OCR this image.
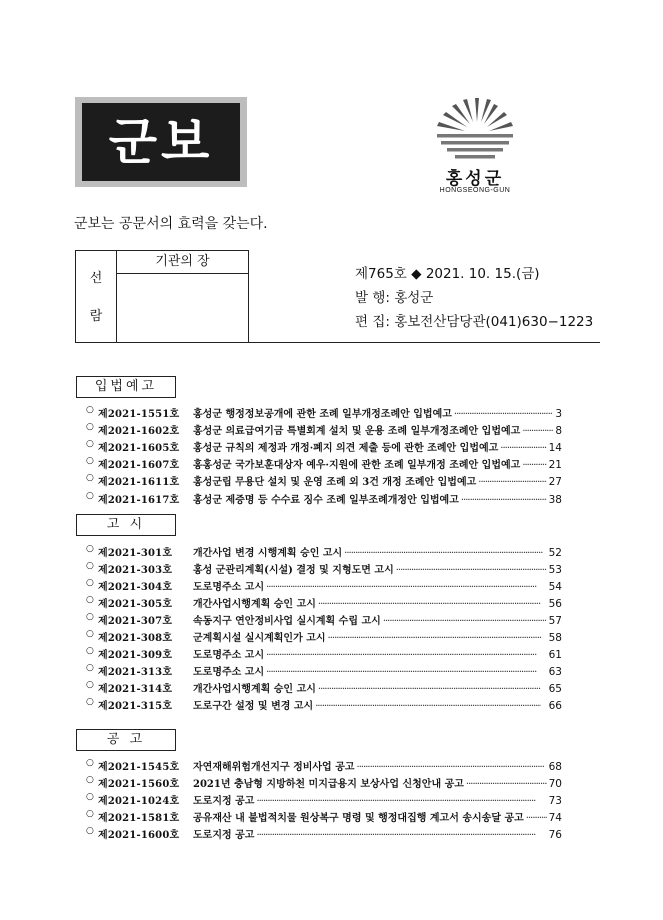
군보
홍성군
HONGSEONG-GUN
군보는 공문서의 효력을 갖는다.
선
람
기관의 장
제765호 ◆ 2021. 10. 15.(금)
발 행: 홍성군
편 집: 홍보전산담당관(041)630−1223
입법예고
○ 제2021-1551호 홍성군 행정정보공개에 관한 조례 일부개정조례안 입법예고 ·····	3
○ 제2021-1602호 홍성군 의료급여기금 특별회계 설치 및 운용 조례 일부개정조례안 입법예고 ·····	8
○ 제2021-1605호 홍성군 규칙의 제정과 개정·폐지 의견 제출 등에 관한 조례안 입법예고 ·····	14
○ 제2021-1607호 홍홍성군 국가보훈대상자 예우·지원에 관한 조례 일부개정 조례안 입법예고 ·····	21
○ 제2021-1611호 홍성군립 무용단 설치 및 운영 조례 외 3건 개정 조례안 입법예고 ·····	27
○ 제2021-1617호 홍성군 제증명 등 수수료 징수 조례 일부조례개정안 입법예고 ·····	38
고 시
○ 제2021-301호 개간사업 변경 시행계획 승인 고시 ·····	52
○ 제2021-303호 홍성 군관리계획(시설) 결정 및 지형도면 고시 ·····	53
○ 제2021-304호 도로명주소 고시 ·····	54
○ 제2021-305호 개간사업시행계획 승인 고시 ·····	56
○ 제2021-307호 속동지구 연안정비사업 실시계획 수립 고시 ·····	57
○ 제2021-308호 군계획시설 실시계획인가 고시 ·····	58
○ 제2021-309호 도로명주소 고시 ·····	61
○ 제2021-313호 도로명주소 고시 ·····	63
○ 제2021-314호 개간사업시행계획 승인 고시 ·····	65
○ 제2021-315호 도로구간 설정 및 변경 고시 ·····	66
공 고
○ 제2021-1545호 자연재해위험개선지구 정비사업 공고 ·····	68
○ 제2021-1560호 2021년 충남형 지방하천 미지급용지 보상사업 신청안내 공고 ·····	70
○ 제2021-1024호 도로지정 공고 ·····	73
○ 제2021-1581호 공유재산 내 불법적치물 원상복구 명령 및 행정대집행 계고서 송시송달 공고 ····· 74
○ 제2021-1600호 도로지정 공고 ·····	76
